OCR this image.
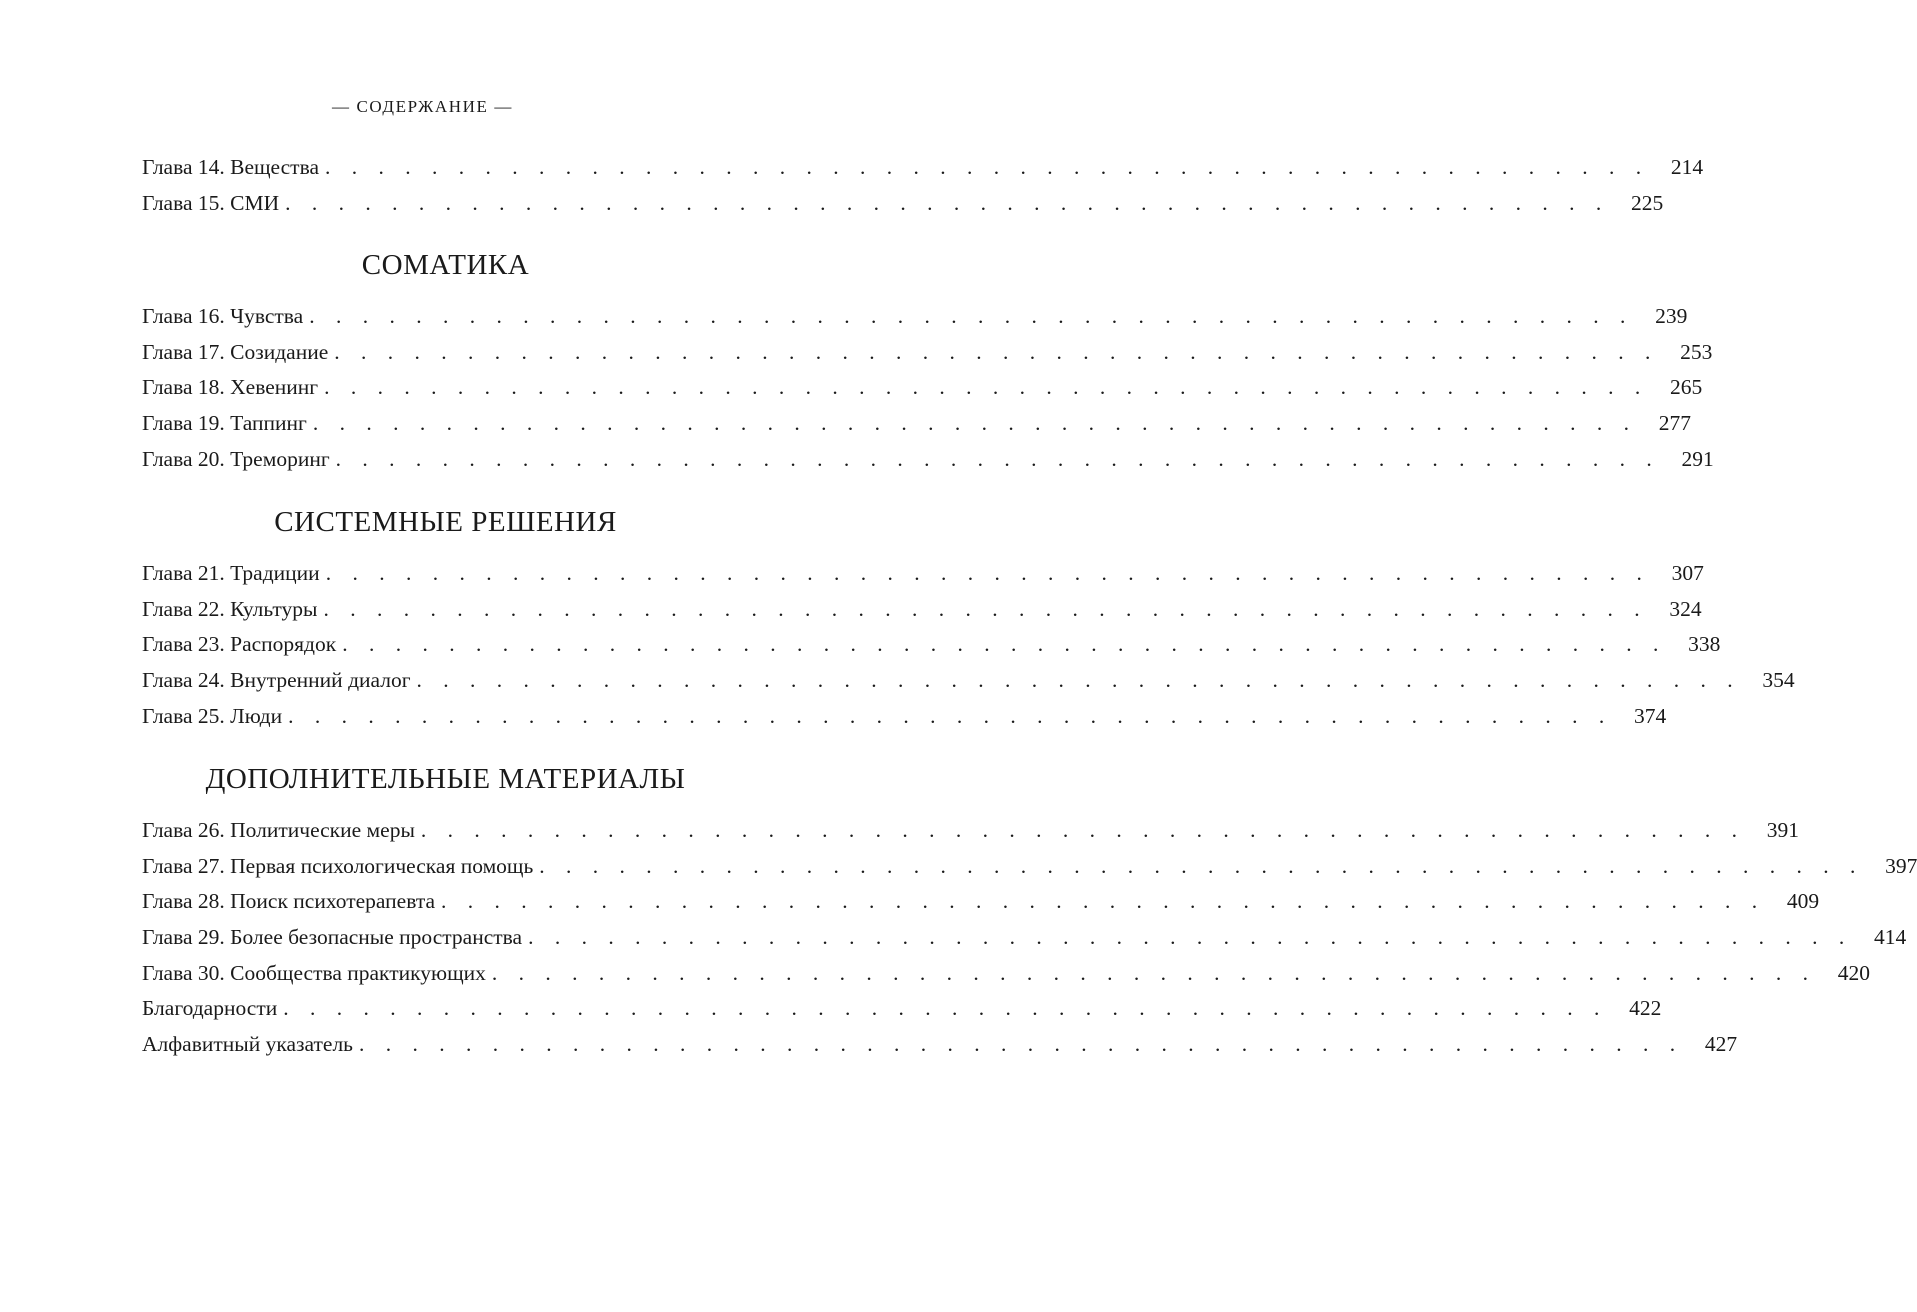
— СОДЕРЖАНИЕ —
Глава 14. Вещества . . . . . . . . . . . . . . . . . . . . . . . . . . . . . . . . . . . . . . . . . . . . . . . . . . 214
Глава 15. СМИ . . . . . . . . . . . . . . . . . . . . . . . . . . . . . . . . . . . . . . . . . . . . . . . . . . 225
СОМАТИКА
Глава 16. Чувства . . . . . . . . . . . . . . . . . . . . . . . . . . . . . . . . . . . . . . . . . . . . . . . . . . 239
Глава 17. Созидание . . . . . . . . . . . . . . . . . . . . . . . . . . . . . . . . . . . . . . . . . . . . . . . . . . 253
Глава 18. Хевенинг . . . . . . . . . . . . . . . . . . . . . . . . . . . . . . . . . . . . . . . . . . . . . . . . . . 265
Глава 19. Таппинг . . . . . . . . . . . . . . . . . . . . . . . . . . . . . . . . . . . . . . . . . . . . . . . . . . 277
Глава 20. Треморинг . . . . . . . . . . . . . . . . . . . . . . . . . . . . . . . . . . . . . . . . . . . . . . . . . . 291
СИСТЕМНЫЕ РЕШЕНИЯ
Глава 21. Традиции . . . . . . . . . . . . . . . . . . . . . . . . . . . . . . . . . . . . . . . . . . . . . . . . . . 307
Глава 22. Культуры . . . . . . . . . . . . . . . . . . . . . . . . . . . . . . . . . . . . . . . . . . . . . . . . . . 324
Глава 23. Распорядок . . . . . . . . . . . . . . . . . . . . . . . . . . . . . . . . . . . . . . . . . . . . . . . . . . 338
Глава 24. Внутренний диалог . . . . . . . . . . . . . . . . . . . . . . . . . . . . . . . . . . . . . . . . . . . . . . . . . . 354
Глава 25. Люди . . . . . . . . . . . . . . . . . . . . . . . . . . . . . . . . . . . . . . . . . . . . . . . . . . 374
ДОПОЛНИТЕЛЬНЫЕ МАТЕРИАЛЫ
Глава 26. Политические меры . . . . . . . . . . . . . . . . . . . . . . . . . . . . . . . . . . . . . . . . . . . . . . . . . . 391
Глава 27. Первая психологическая помощь . . . . . . . . . . . . . . . . . . . . . . . . . . . . . . . . . . . . . . . . . . . . . . . . . . 397
Глава 28. Поиск психотерапевта . . . . . . . . . . . . . . . . . . . . . . . . . . . . . . . . . . . . . . . . . . . . . . . . . . 409
Глава 29. Более безопасные пространства . . . . . . . . . . . . . . . . . . . . . . . . . . . . . . . . . . . . . . . . . . . . . . . . . . 414
Глава 30. Сообщества практикующих . . . . . . . . . . . . . . . . . . . . . . . . . . . . . . . . . . . . . . . . . . . . . . . . . . 420
Благодарности . . . . . . . . . . . . . . . . . . . . . . . . . . . . . . . . . . . . . . . . . . . . . . . . . . 422
Алфавитный указатель . . . . . . . . . . . . . . . . . . . . . . . . . . . . . . . . . . . . . . . . . . . . . . . . . . 427
